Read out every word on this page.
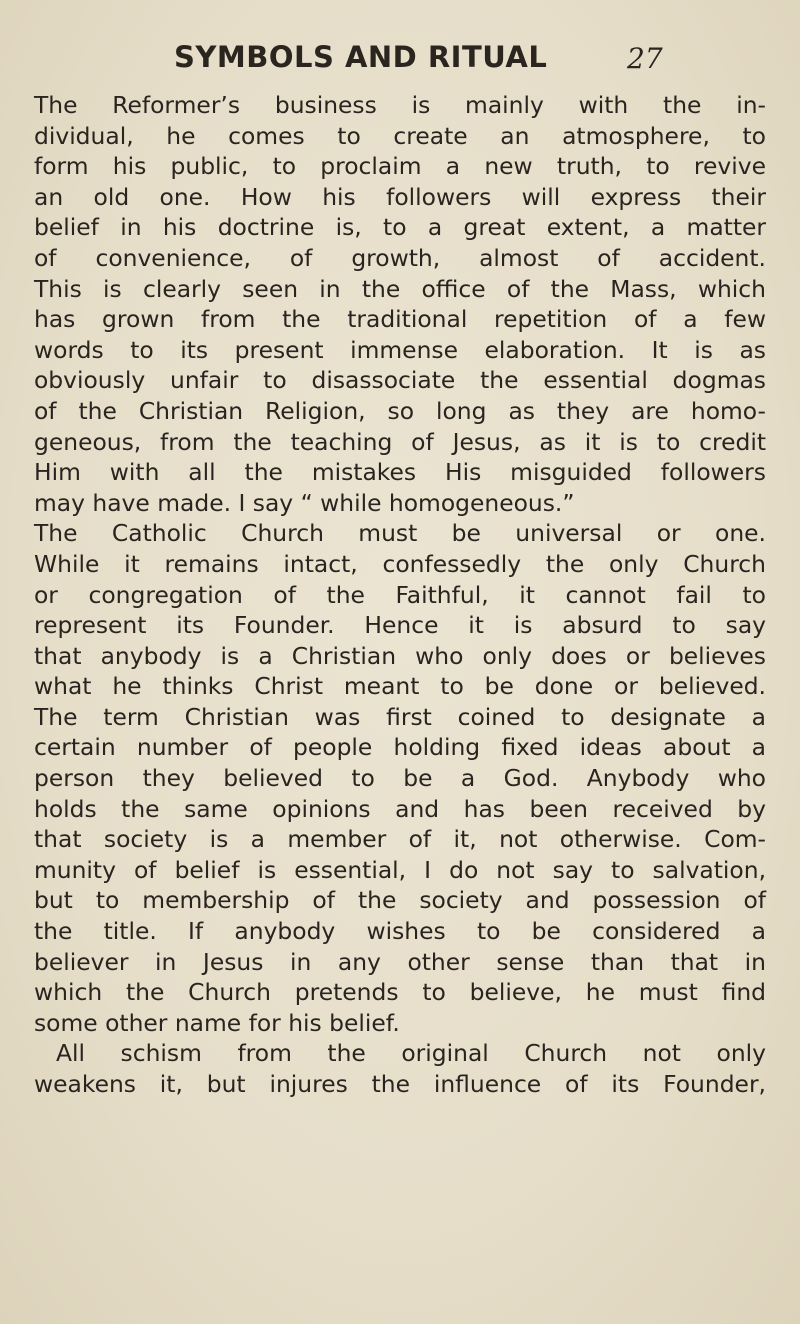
SYMBOLS AND RITUAL	27
The Reformer’s business is mainly with the in-
dividual, he comes to create an atmosphere, to
form his public, to proclaim a new truth, to revive
an old one. How his followers will express their
belief in his doctrine is, to a great extent, a matter
of convenience, of growth, almost of accident.
This is clearly seen in the office of the Mass, which
has grown from the traditional repetition of a few
words to its present immense elaboration. It is as
obviously unfair to disassociate the essential dogmas
of the Christian Religion, so long as they are homo-
geneous, from the teaching of Jesus, as it is to credit
Him with all the mistakes His misguided followers
may have made. I say “ while homogeneous.”
The Catholic Church must be universal or one.
While it remains intact, confessedly the only Church
or congregation of the Faithful, it cannot fail to
represent its Founder. Hence it is absurd to say
that anybody is a Christian who only does or believes
what he thinks Christ meant to be done or believed.
The term Christian was first coined to designate a
certain number of people holding fixed ideas about a
person they believed to be a God. Anybody who
holds the same opinions and has been received by
that society is a member of it, not otherwise. Com-
munity of belief is essential, I do not say to salvation,
but to membership of the society and possession of
the title. If anybody wishes to be considered a
believer in Jesus in any other sense than that in
which the Church pretends to believe, he must find
some other name for his belief.
All schism from the original Church not only
weakens it, but injures the influence of its Founder,
